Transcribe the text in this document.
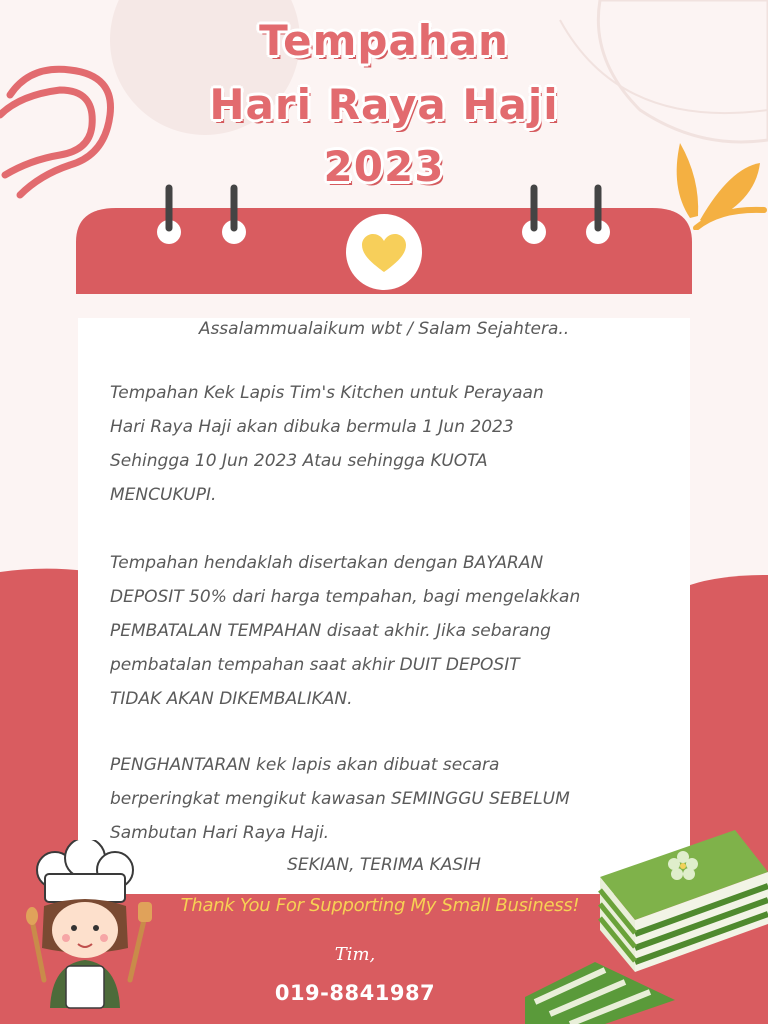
Tempahan
Hari Raya Haji
2023
Assalammualaikum wbt / Salam Sejahtera..
Tempahan Kek Lapis Tim's Kitchen untuk Perayaan
Hari Raya Haji akan dibuka bermula 1 Jun 2023
Sehingga 10 Jun 2023 Atau sehingga KUOTA
MENCUKUPI.
Tempahan hendaklah disertakan dengan BAYARAN
DEPOSIT 50% dari harga tempahan, bagi mengelakkan
PEMBATALAN TEMPAHAN disaat akhir. Jika sebarang
pembatalan tempahan saat akhir DUIT DEPOSIT
TIDAK AKAN DIKEMBALIKAN.
PENGHANTARAN kek lapis akan dibuat secara
berperingkat mengikut kawasan SEMINGGU SEBELUM
Sambutan Hari Raya Haji.
SEKIAN, TERIMA KASIH
Thank You For Supporting My Small Business!
Tim,
019-8841987
